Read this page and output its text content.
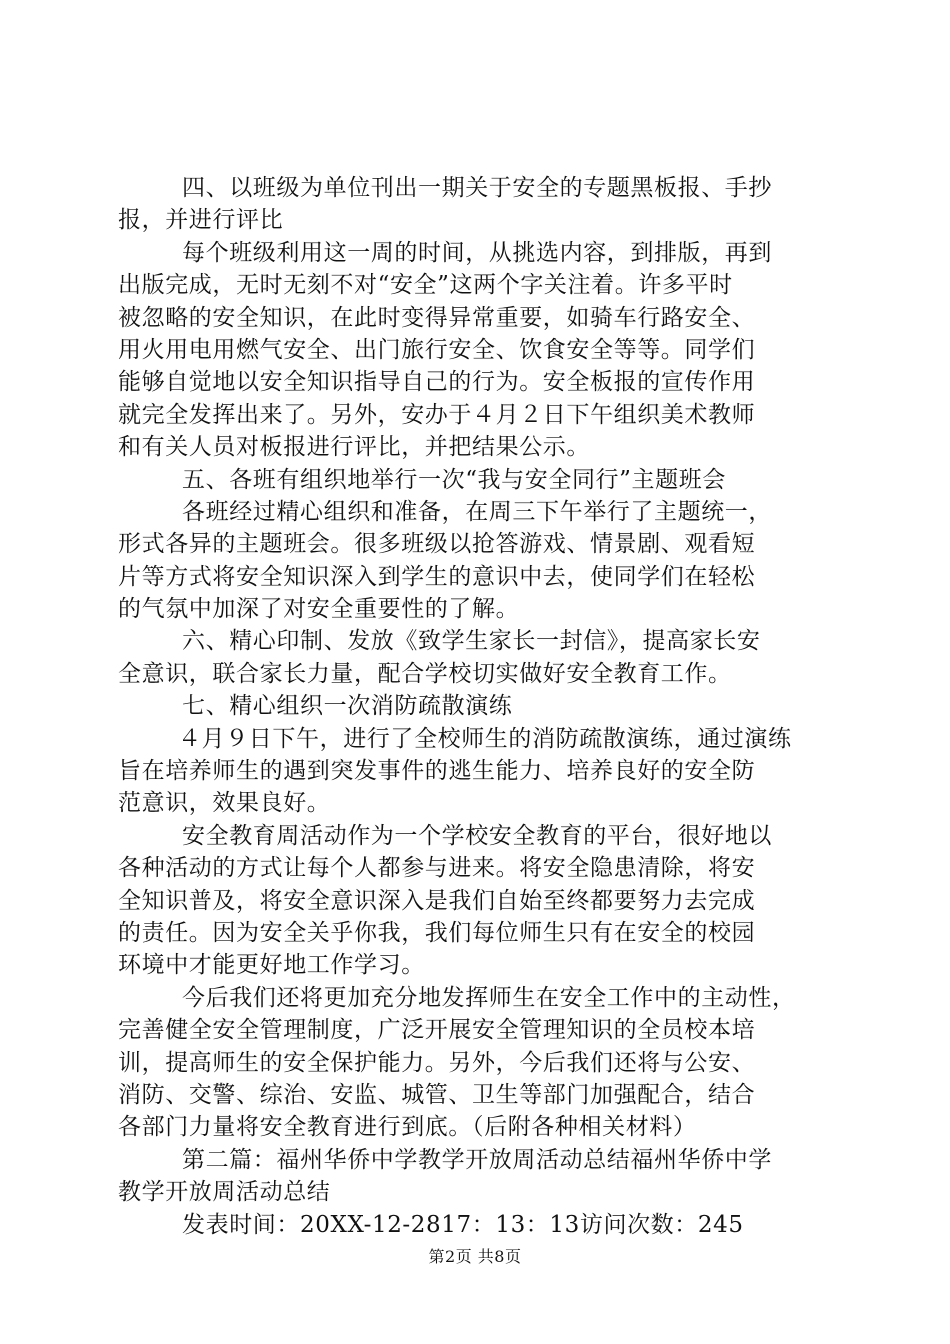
四、以班级为单位刊出一期关于安全的专题黑板报、手抄
报，并进行评比
每个班级利用这一周的时间，从挑选内容，到排版，再到
出版完成，无时无刻不对“安全”这两个字关注着。许多平时
被忽略的安全知识，在此时变得异常重要，如骑车行路安全、
用火用电用燃气安全、出门旅行安全、饮食安全等等。同学们
能够自觉地以安全知识指导自己的行为。安全板报的宣传作用
就完全发挥出来了。另外，安办于４月２日下午组织美术教师
和有关人员对板报进行评比，并把结果公示。
五、各班有组织地举行一次“我与安全同行”主题班会
各班经过精心组织和准备，在周三下午举行了主题统一，
形式各异的主题班会。很多班级以抢答游戏、情景剧、观看短
片等方式将安全知识深入到学生的意识中去，使同学们在轻松
的气氛中加深了对安全重要性的了解。
六、精心印制、发放《致学生家长一封信》，提高家长安
全意识，联合家长力量，配合学校切实做好安全教育工作。
七、精心组织一次消防疏散演练
４月９日下午，进行了全校师生的消防疏散演练，通过演练
旨在培养师生的遇到突发事件的逃生能力、培养良好的安全防
范意识，效果良好。
安全教育周活动作为一个学校安全教育的平台，很好地以
各种活动的方式让每个人都参与进来。将安全隐患清除，将安
全知识普及，将安全意识深入是我们自始至终都要努力去完成
的责任。因为安全关乎你我，我们每位师生只有在安全的校园
环境中才能更好地工作学习。
今后我们还将更加充分地发挥师生在安全工作中的主动性，
完善健全安全管理制度，广泛开展安全管理知识的全员校本培
训，提高师生的安全保护能力。另外，今后我们还将与公安、
消防、交警、综治、安监、城管、卫生等部门加强配合，结合
各部门力量将安全教育进行到底。（后附各种相关材料）
第二篇：福州华侨中学教学开放周活动总结福州华侨中学
教学开放周活动总结
发表时间：20XX-12-2817：13：13访问次数：245
第2页 共8页
